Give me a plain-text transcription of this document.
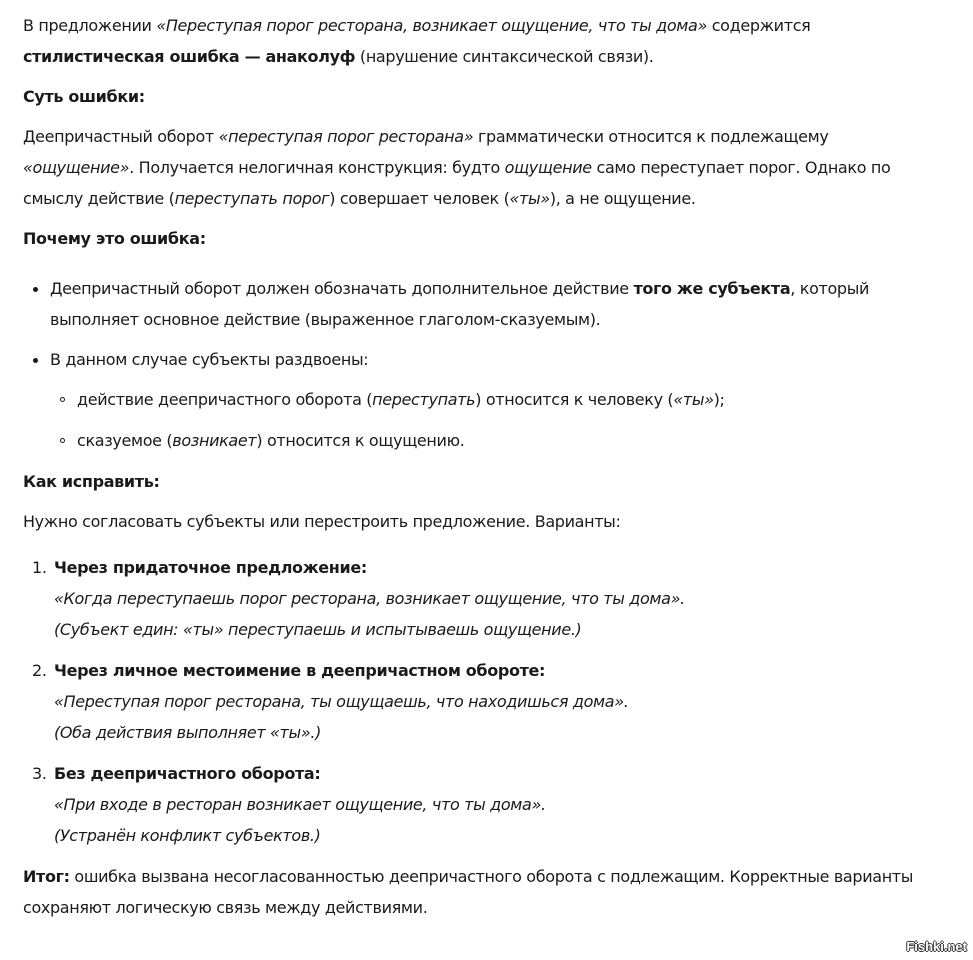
В предложении «Переступая порог ресторана, возникает ощущение, что ты дома» содержится стилистическая ошибка — анаколуф (нарушение синтаксической связи).

Суть ошибки:

Деепричастный оборот «переступая порог ресторана» грамматически относится к подлежащему
«ощущение». Получается нелогичная конструкция: будто ощущение само переступает порог. Однако по смыслу действие (переступать порог) совершает человек («ты»), а не ощущение.

Почему это ошибка:

Деепричастный оборот должен обозначать дополнительное действие того же субъекта, который выполняет основное действие (выраженное глаголом-сказуемым).
В данном случае субъекты раздвоены:
действие деепричастного оборота (переступать) относится к человеку («ты»);
сказуемое (возникает) относится к ощущению.

Как исправить:

Нужно согласовать субъекты или перестроить предложение. Варианты:

1. Через придаточное предложение:
«Когда переступаешь порог ресторана, возникает ощущение, что ты дома».
(Субъект един: «ты» переступаешь и испытываешь ощущение.)
2. Через личное местоимение в деепричастном обороте:
«Переступая порог ресторана, ты ощущаешь, что находишься дома».
(Оба действия выполняет «ты».)
3. Без деепричастного оборота:
«При входе в ресторан возникает ощущение, что ты дома».
(Устранён конфликт субъектов.)

Итог: ошибка вызвана несогласованностью деепричастного оборота с подлежащим. Корректные варианты сохраняют логическую связь между действиями.

Fishki.net
